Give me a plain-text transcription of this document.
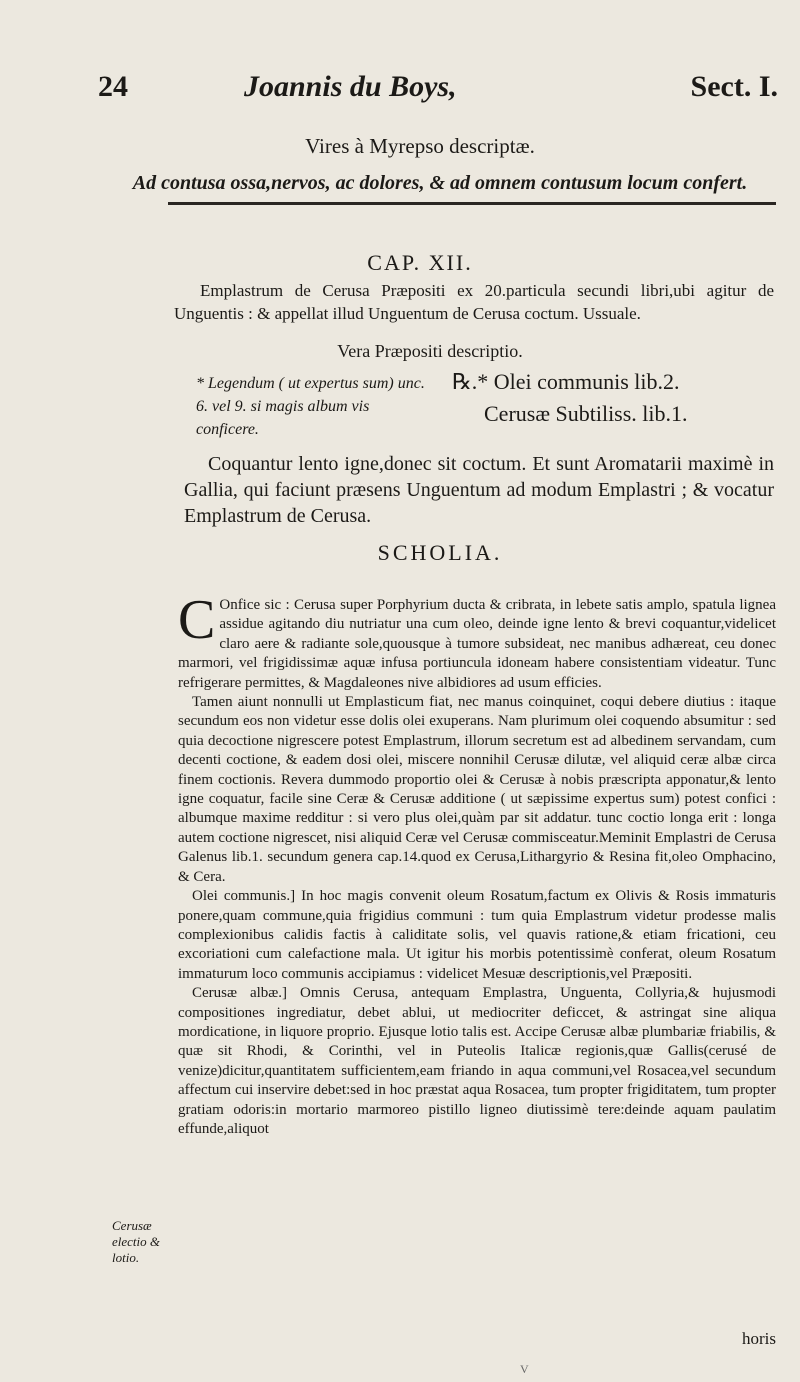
24	Joannis du Boys,	Sect. I.
Vires à Myrepso descriptæ.
Ad contusa ossa,nervos, ac dolores, & ad omnem contusum locum confert.
CAP. XII.
Emplastrum de Cerusa Præpositi ex 20.particula secundi libri,ubi agitur de Unguentis : & appellat illud Unguentum de Cerusa coctum. Ussuale.
Vera Præpositi descriptio.
* Legendum ( ut expertus sum) unc. 6. vel 9. si magis album vis conficere.
℞.* Olei communis lib.2.
Cerusæ Subtiliss. lib.1.
Coquantur lento igne,donec sit coctum. Et sunt Aromatarii maximè in Gallia, qui faciunt præsens Unguentum ad modum Emplastri ; & vocatur Emplastrum de Cerusa.
SCHOLIA.

C Onfice sic : Cerusa super Porphyrium ducta & cribrata, in lebete satis amplo, spatula lignea assidue agitando diu nutriatur una cum oleo, deinde igne lento & brevi coquantur,videlicet claro aere & radiante sole,quousque à tumore subsideat, nec manibus adhæreat, ceu donec marmori, vel frigidissimæ aquæ infusa portiuncula idoneam habere consistentiam videatur. Tunc refrigerare permittes, & Magdaleones nive albidiores ad usum efficies.

Tamen aiunt nonnulli ut Emplasticum fiat, nec manus coinquinet, coqui debere diutius : itaque secundum eos non videtur esse dolis olei exuperans. Nam plurimum olei coquendo absumitur : sed quia decoctione nigrescere potest Emplastrum, illorum secretum est ad albedinem servandam, cum decenti coctione, & eadem dosi olei, miscere nonnihil Cerusæ dilutæ, vel aliquid ceræ albæ circa finem coctionis. Revera dummodo proportio olei & Cerusæ à nobis præscripta apponatur,& lento igne coquatur, facile sine Ceræ & Cerusæ additione ( ut sæpissime expertus sum) potest confici : albumque maxime redditur : si vero plus olei,quàm par sit addatur. tunc coctio longa erit : longa autem coctione nigrescet, nisi aliquid Ceræ vel Cerusæ commisceatur.Meminit Emplastri de Cerusa Galenus lib.1. secundum genera cap.14.quod ex Cerusa,Lithargyrio & Resina fit,oleo Omphacino, & Cera.

Olei communis.] In hoc magis convenit oleum Rosatum,factum ex Olivis & Rosis immaturis ponere,quam commune,quia frigidius communi : tum quia Emplastrum videtur prodesse malis complexionibus calidis factis à caliditate solis, vel quavis ratione,& etiam fricationi, ceu excoriationi cum calefactione mala. Ut igitur his morbis potentissimè conferat, oleum Rosatum immaturum loco communis accipiamus : videlicet Mesuæ descriptionis,vel Præpositi.

Cerusæ albæ.] Omnis Cerusa, antequam Emplastra, Unguenta, Collyria,& hujusmodi compositiones ingrediatur, debet ablui, ut mediocriter deficcet, & astringat sine aliqua mordicatione, in liquore proprio. Ejusque lotio talis est. Accipe Cerusæ albæ plumbariæ friabilis, & quæ sit Rhodi, & Corinthi, vel in Puteolis Italicæ regionis,quæ Gallis(cerusé de venize)dicitur,quantitatem sufficientem,eam friando in aqua communi,vel Rosacea,vel secundum affectum cui inservire debet:sed in hoc præstat aqua Rosacea, tum propter frigiditatem, tum propter gratiam odoris:in mortario marmoreo pistillo ligneo diutissimè tere:deinde aquam paulatim effunde,aliquot

Cerusæ electio & lotio.
horis
V
